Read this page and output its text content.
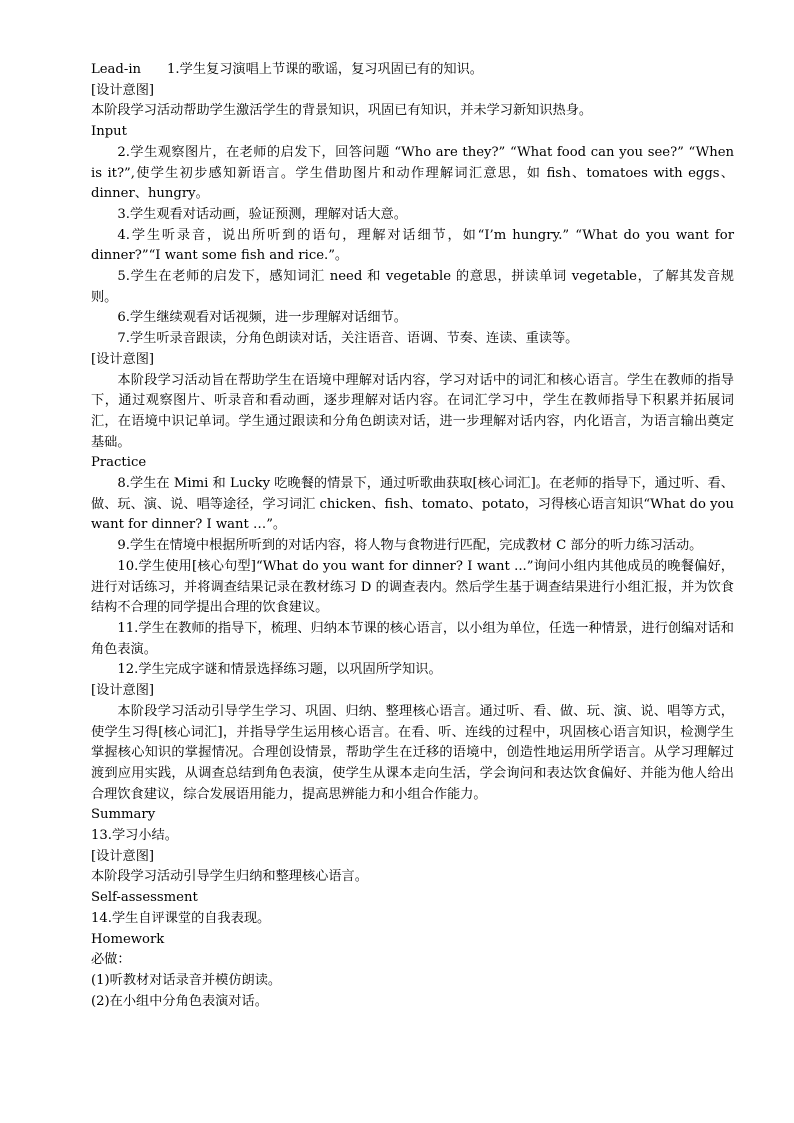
Lead-in 1.学生复习演唱上节课的歌谣，复习巩固已有的知识。

[设计意图]

本阶段学习活动帮助学生激活学生的背景知识，巩固已有知识，并未学习新知识热身。

Input

2.学生观察图片，在老师的启发下，回答问题 “Who are they?” “What food can you see?” “When is it?”,使学生初步感知新语言。学生借助图片和动作理解词汇意思，如 fish、tomatoes with eggs、dinner、hungry。

3.学生观看对话动画，验证预测，理解对话大意。

4.学生听录音，说出所听到的语句，理解对话细节，如“I’m hungry.” “What do you want for dinner?”“I want some fish and rice.”。

5.学生在老师的启发下，感知词汇 need 和 vegetable 的意思，拼读单词 vegetable，了解其发音规则。

6.学生继续观看对话视频，进一步理解对话细节。

7.学生听录音跟读，分角色朗读对话，关注语音、语调、节奏、连读、重读等。

[设计意图]

本阶段学习活动旨在帮助学生在语境中理解对话内容，学习对话中的词汇和核心语言。学生在教师的指导下，通过观察图片、听录音和看动画，逐步理解对话内容。在词汇学习中，学生在教师指导下积累并拓展词汇，在语境中识记单词。学生通过跟读和分角色朗读对话，进一步理解对话内容，内化语言，为语言输出奠定基础。

Practice

8.学生在 Mimi 和 Lucky 吃晚餐的情景下，通过听歌曲获取[核心词汇]。在老师的指导下，通过听、看、做、玩、演、说、唱等途径，学习词汇 chicken、fish、tomato、potato，习得核心语言知识“What do you want for dinner? I want …”。

9.学生在情境中根据所听到的对话内容，将人物与食物进行匹配，完成教材 C 部分的听力练习活动。

10.学生使用[核心句型]“What do you want for dinner? I want ...”询问小组内其他成员的晚餐偏好，进行对话练习，并将调查结果记录在教材练习 D 的调查表内。然后学生基于调查结果进行小组汇报，并为饮食结构不合理的同学提出合理的饮食建议。

11.学生在教师的指导下，梳理、归纳本节课的核心语言，以小组为单位，任选一种情景，进行创编对话和角色表演。

12.学生完成字谜和情景选择练习题，以巩固所学知识。

[设计意图]

本阶段学习活动引导学生学习、巩固、归纳、整理核心语言。通过听、看、做、玩、演、说、唱等方式，使学生习得[核心词汇]，并指导学生运用核心语言。在看、听、连线的过程中，巩固核心语言知识，检测学生掌握核心知识的掌握情况。合理创设情景，帮助学生在迁移的语境中，创造性地运用所学语言。从学习理解过渡到应用实践，从调查总结到角色表演，使学生从课本走向生活，学会询问和表达饮食偏好、并能为他人给出合理饮食建议，综合发展语用能力，提高思辨能力和小组合作能力。

Summary

13.学习小结。

[设计意图]

本阶段学习活动引导学生归纳和整理核心语言。

Self-assessment

14.学生自评课堂的自我表现。

Homework

必做：

(1)听教材对话录音并模仿朗读。

(2)在小组中分角色表演对话。
